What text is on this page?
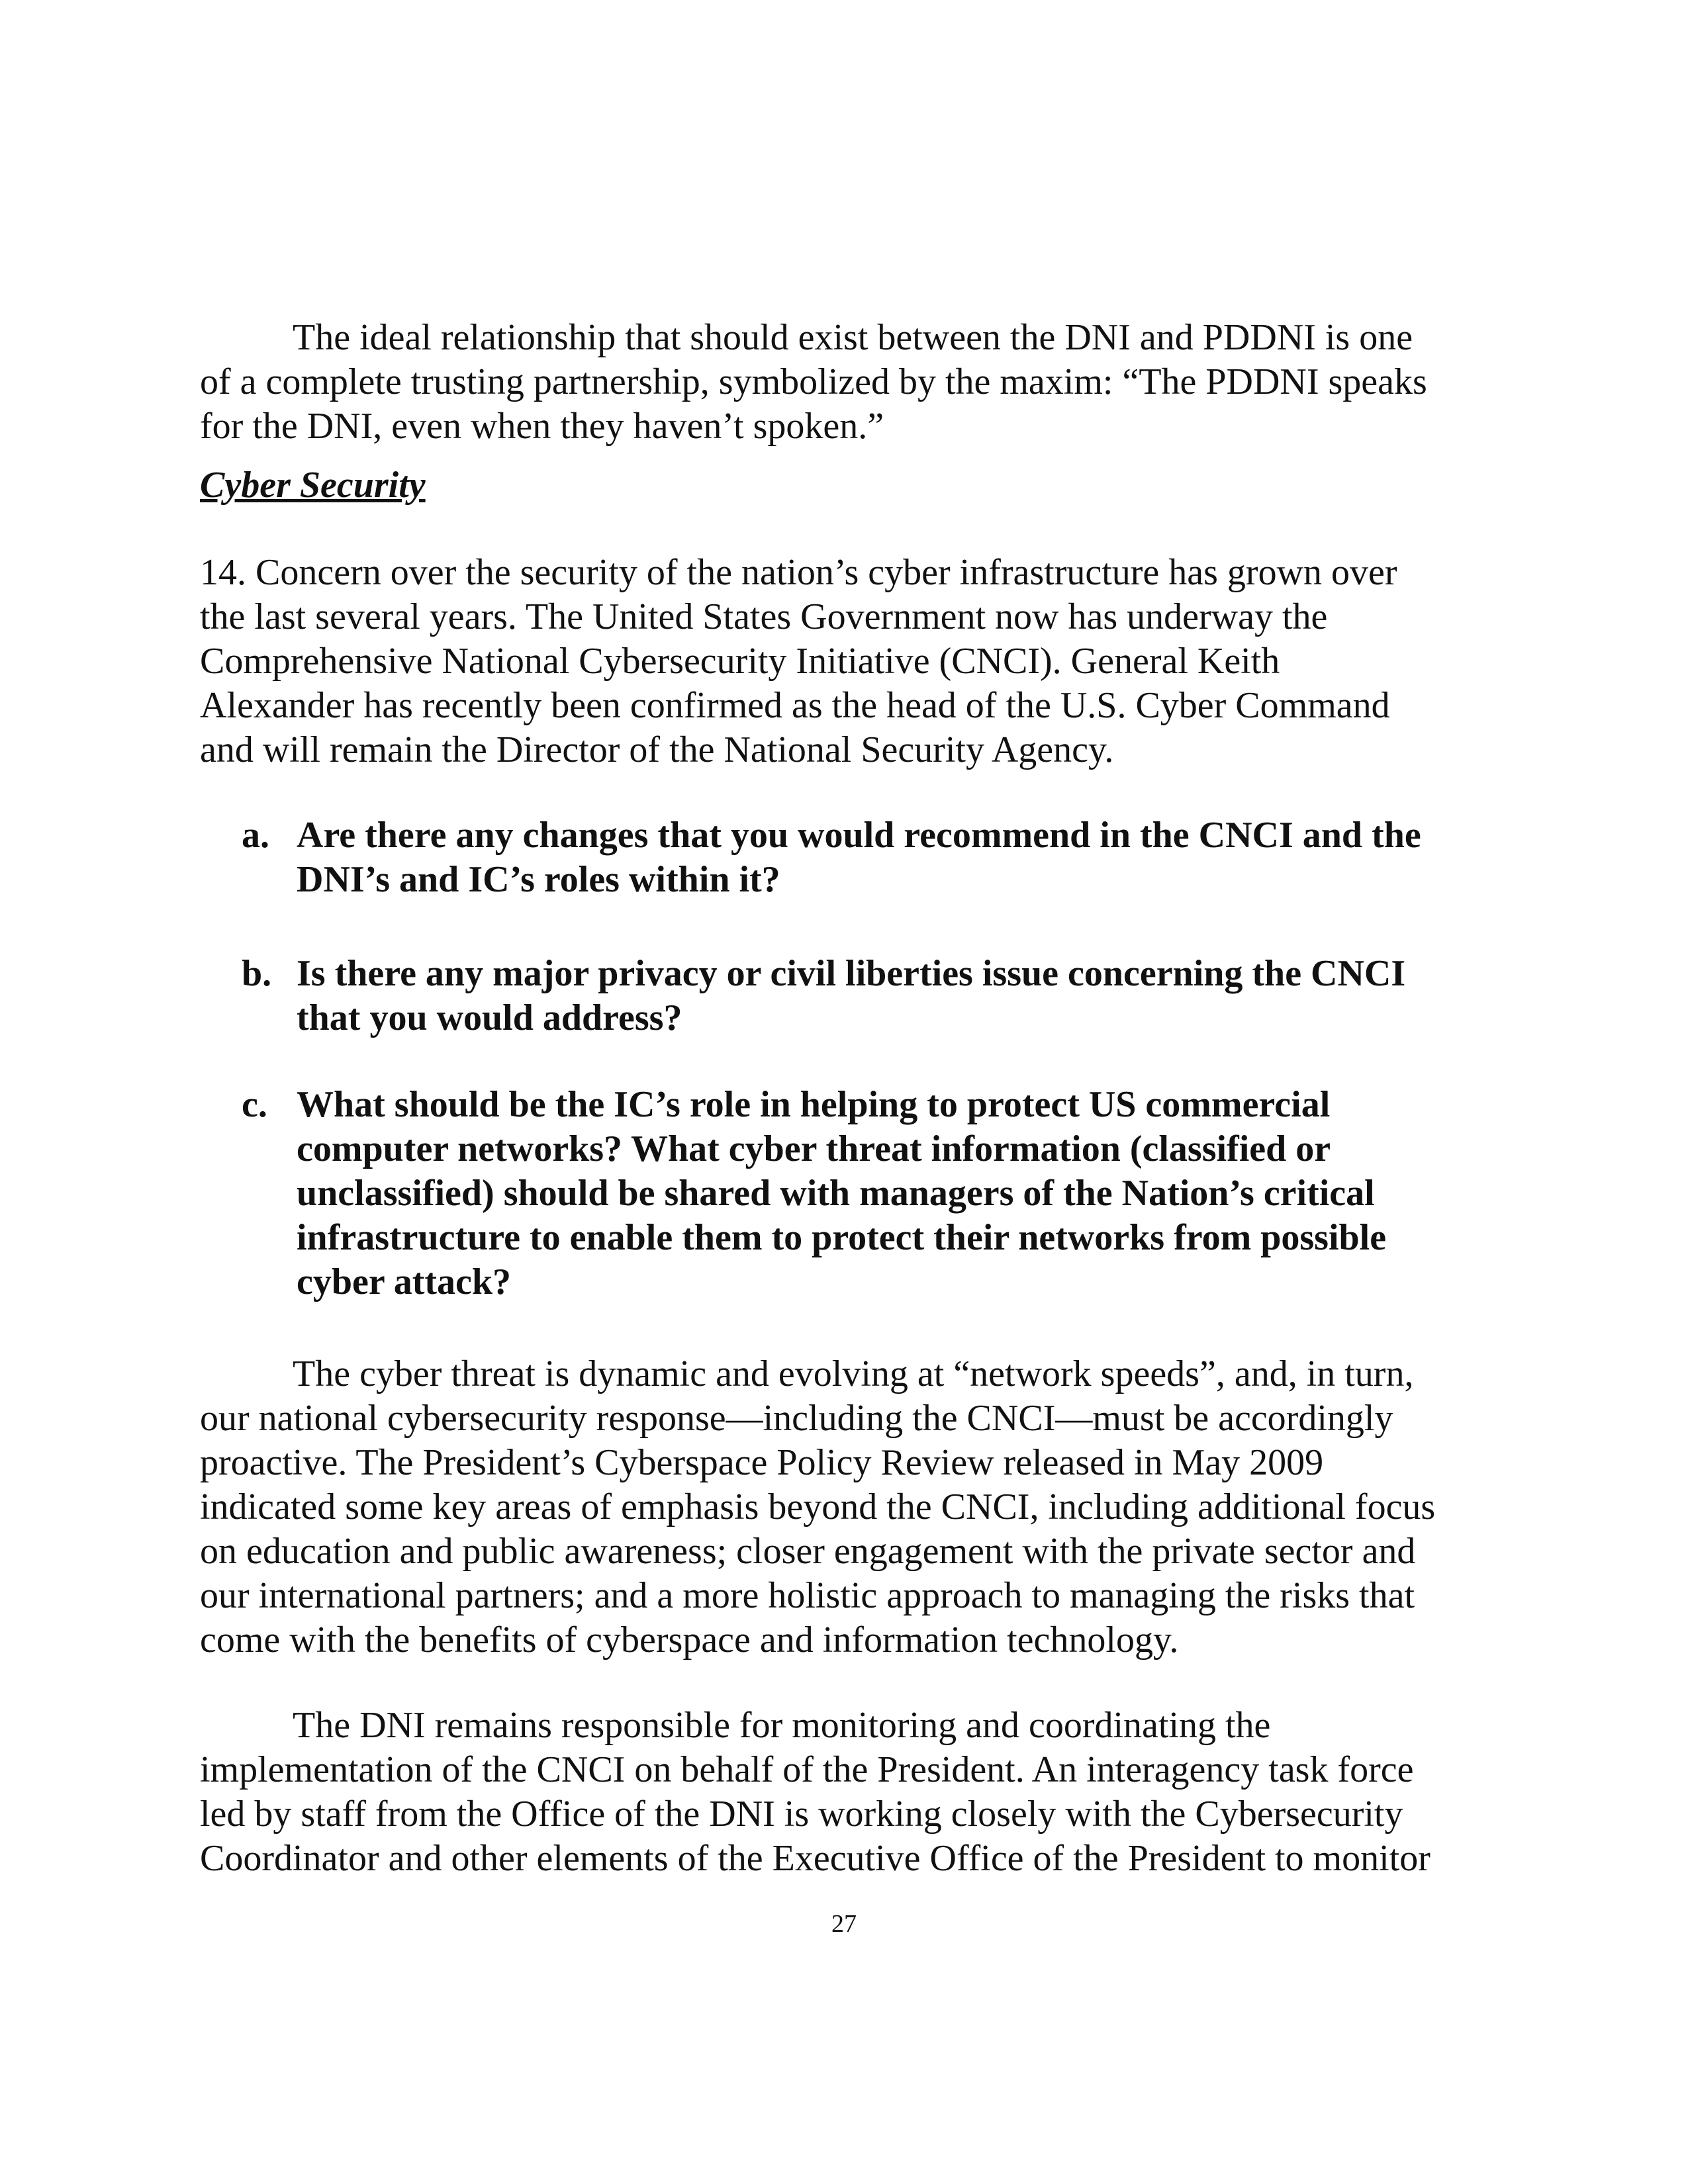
The ideal relationship that should exist between the DNI and PDDNI is one
of a complete trusting partnership, symbolized by the maxim: “The PDDNI speaks
for the DNI, even when they haven’t spoken.”
Cyber Security
14. Concern over the security of the nation’s cyber infrastructure has grown over
the last several years. The United States Government now has underway the
Comprehensive National Cybersecurity Initiative (CNCI). General Keith
Alexander has recently been confirmed as the head of the U.S. Cyber Command
and will remain the Director of the National Security Agency.
a. Are there any changes that you would recommend in the CNCI and the
DNI’s and IC’s roles within it?
b. Is there any major privacy or civil liberties issue concerning the CNCI
that you would address?
c. What should be the IC’s role in helping to protect US commercial
computer networks? What cyber threat information (classified or
unclassified) should be shared with managers of the Nation’s critical
infrastructure to enable them to protect their networks from possible
cyber attack?
The cyber threat is dynamic and evolving at “network speeds”, and, in turn,
our national cybersecurity response—including the CNCI—must be accordingly
proactive. The President’s Cyberspace Policy Review released in May 2009
indicated some key areas of emphasis beyond the CNCI, including additional focus
on education and public awareness; closer engagement with the private sector and
our international partners; and a more holistic approach to managing the risks that
come with the benefits of cyberspace and information technology.
The DNI remains responsible for monitoring and coordinating the
implementation of the CNCI on behalf of the President. An interagency task force
led by staff from the Office of the DNI is working closely with the Cybersecurity
Coordinator and other elements of the Executive Office of the President to monitor
27
